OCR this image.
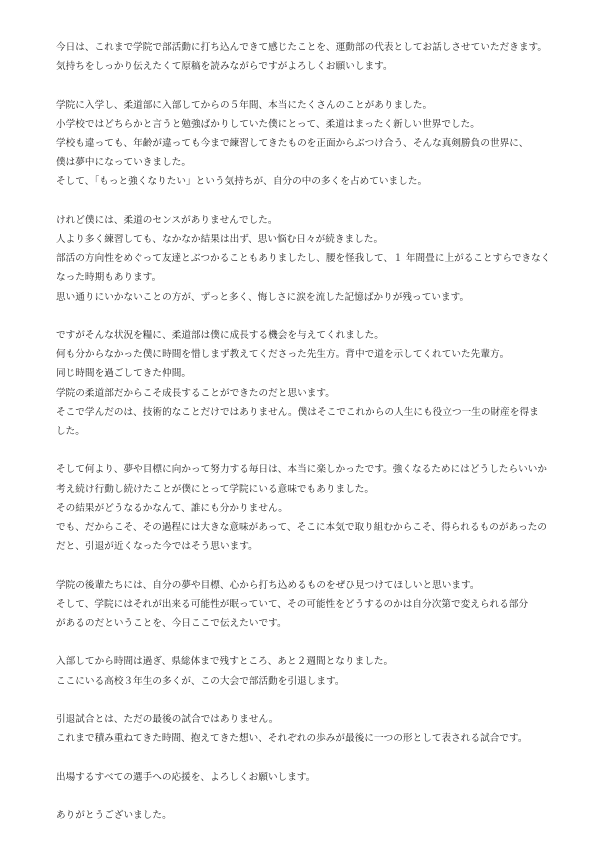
今日は、これまで学院で部活動に打ち込んできて感じたことを、運動部の代表としてお話しさせていただきます。
気持ちをしっかり伝えたくて原稿を読みながらですがよろしくお願いします。
学院に入学し、柔道部に入部してからの５年間、本当にたくさんのことがありました。
小学校ではどちらかと言うと勉強ばかりしていた僕にとって、柔道はまったく新しい世界でした。
学校も違っても、年齢が違っても今まで練習してきたものを正面からぶつけ合う、そんな真剣勝負の世界に、
僕は夢中になっていきました。
そして、「もっと強くなりたい」という気持ちが、自分の中の多くを占めていました。
けれど僕には、柔道のセンスがありませんでした。
人より多く練習しても、なかなか結果は出ず、思い悩む日々が続きました。
部活の方向性をめぐって友達とぶつかることもありましたし、腰を怪我して、１ 年間畳に上がることすらできなく
なった時期もあります。
思い通りにいかないことの方が、ずっと多く、悔しさに涙を流した記憶ばかりが残っています。
ですがそんな状況を糧に、柔道部は僕に成長する機会を与えてくれました。
何も分からなかった僕に時間を惜しまず教えてくださった先生方。背中で道を示してくれていた先輩方。
同じ時間を過ごしてきた仲間。
学院の柔道部だからこそ成長することができたのだと思います。
そこで学んだのは、技術的なことだけではありません。僕はそこでこれからの人生にも役立つ一生の財産を得ま
した。
そして何より、夢や目標に向かって努力する毎日は、本当に楽しかったです。強くなるためにはどうしたらいいか
考え続け行動し続けたことが僕にとって学院にいる意味でもありました。
その結果がどうなるかなんて、誰にも分かりません。
でも、だからこそ、その過程には大きな意味があって、そこに本気で取り組むからこそ、得られるものがあったの
だと、引退が近くなった今ではそう思います。
学院の後輩たちには、自分の夢や目標、心から打ち込めるものをぜひ見つけてほしいと思います。
そして、学院にはそれが出来る可能性が眠っていて、その可能性をどうするのかは自分次第で変えられる部分
があるのだということを、今日ここで伝えたいです。
入部してから時間は過ぎ、県総体まで残すところ、あと２週間となりました。
ここにいる高校３年生の多くが、この大会で部活動を引退します。
引退試合とは、ただの最後の試合ではありません。
これまで積み重ねてきた時間、抱えてきた想い、それぞれの歩みが最後に一つの形として表される試合です。
出場するすべての選手への応援を、よろしくお願いします。
ありがとうございました。
